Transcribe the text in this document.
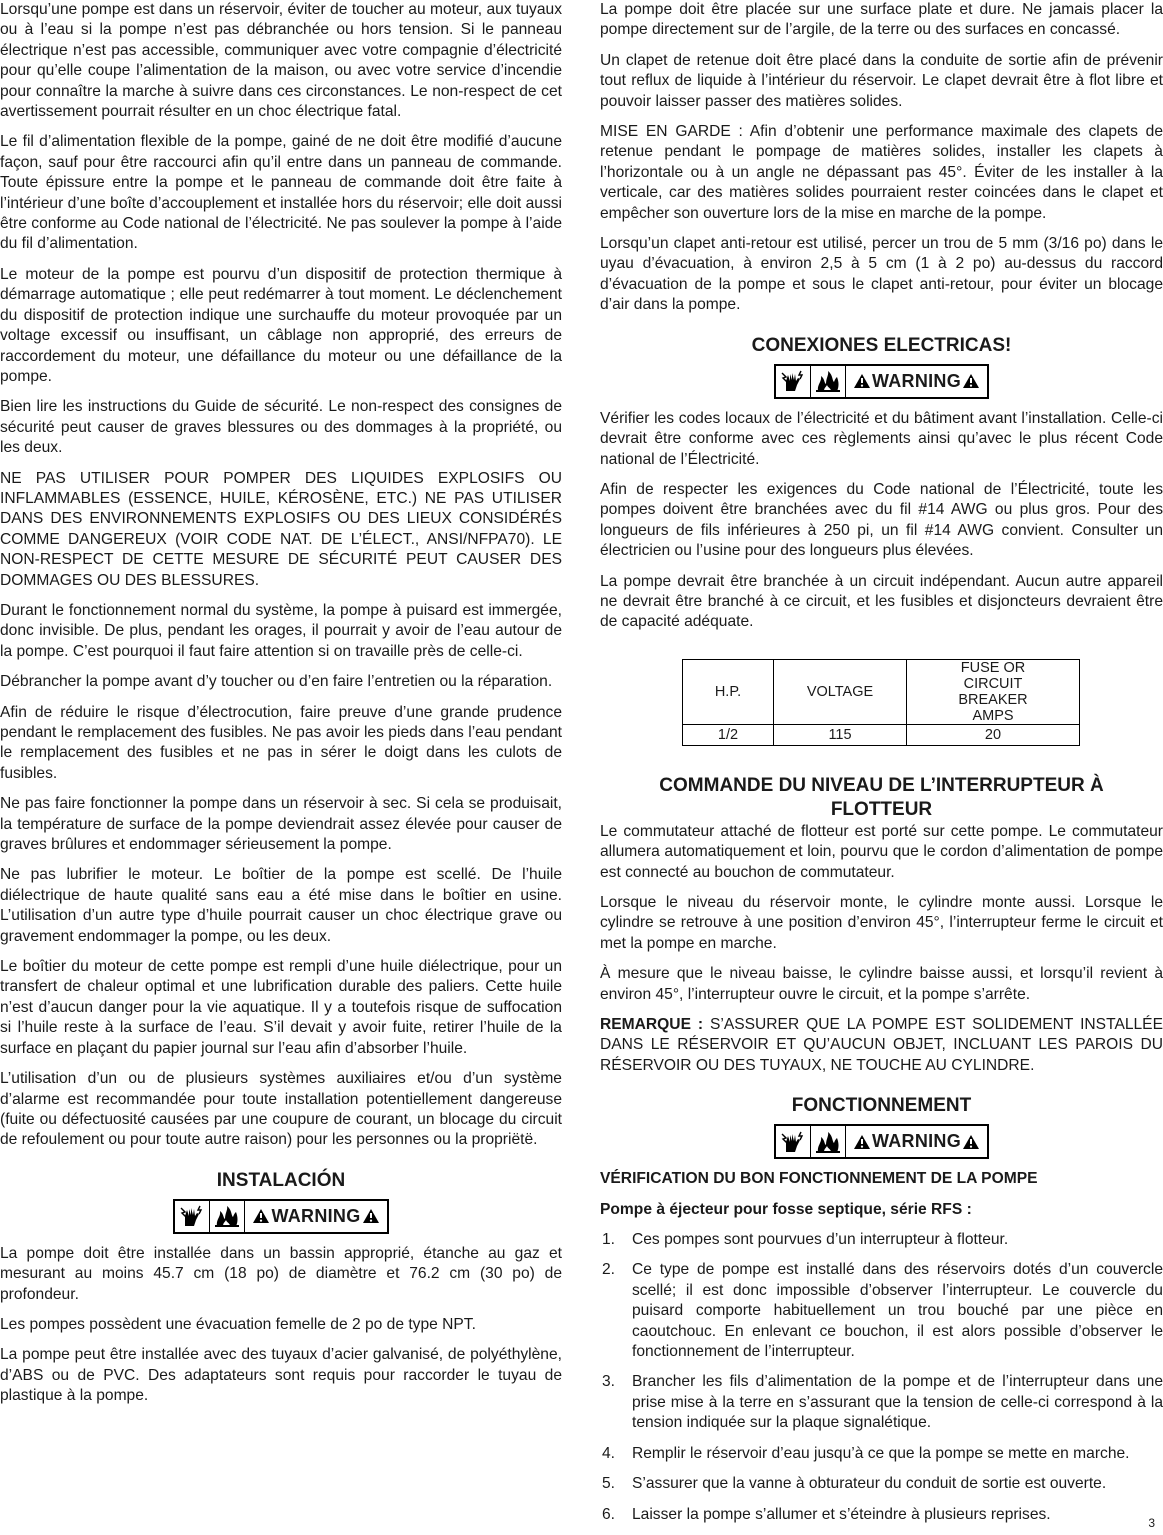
Lorsqu’une pompe est dans un réservoir, éviter de toucher au moteur, aux tuyaux ou à l’eau si la pompe n’est pas débranchée ou hors tension. Si le panneau électrique n’est pas accessible, communiquer avec votre compagnie d’électricité pour qu’elle coupe l’alimentation de la maison, ou avec votre service d’incendie pour connaître la marche à suivre dans ces circonstances. Le non-respect de cet avertissement pourrait résulter en un choc électrique fatal.

Le fil d’alimentation flexible de la pompe, gainé de ne doit être modifié d’aucune façon, sauf pour être raccourci afin qu’il entre dans un panneau de commande. Toute épissure entre la pompe et le panneau de commande doit être faite à l’intérieur d’une boîte d’accouplement et installée hors du réservoir; elle doit aussi être conforme au Code national de l’électricité. Ne pas soulever la pompe à l’aide du fil d’alimentation.

Le moteur de la pompe est pourvu d’un dispositif de protection thermique à démarrage automatique ; elle peut redémarrer à tout moment. Le déclenchement du dispositif de protection indique une surchauffe du moteur provoquée par un voltage excessif ou insuffisant, un câblage non approprié, des erreurs de raccordement du moteur, une défaillance du moteur ou une défaillance de la pompe.

Bien lire les instructions du Guide de sécurité. Le non-respect des consignes de sécurité peut causer de graves blessures ou des dommages à la propriété, ou les deux.

NE PAS UTILISER POUR POMPER DES LIQUIDES EXPLOSIFS OU INFLAMMABLES (ESSENCE, HUILE, KÉROSÈNE, ETC.) NE PAS UTILISER DANS DES ENVIRONNEMENTS EXPLOSIFS OU DES LIEUX CONSIDÉRÉS COMME DANGEREUX (VOIR CODE NAT. DE L’ÉLECT., ANSI/NFPA70). LE NON-RESPECT DE CETTE MESURE DE SÉCURITÉ PEUT CAUSER DES DOMMAGES OU DES BLESSURES.

Durant le fonctionnement normal du système, la pompe à puisard est immergée, donc invisible. De plus, pendant les orages, il pourrait y avoir de l’eau autour de la pompe. C’est pourquoi il faut faire attention si on travaille près de celle-ci.

Débrancher la pompe avant d’y toucher ou d’en faire l’entretien ou la réparation.

Afin de réduire le risque d’électrocution, faire preuve d’une grande prudence pendant le remplacement des fusibles. Ne pas avoir les pieds dans l’eau pendant le remplacement des fusibles et ne pas in sérer le doigt dans les culots de fusibles.

Ne pas faire fonctionner la pompe dans un réservoir à sec. Si cela se produisait, la température de surface de la pompe deviendrait assez élevée pour causer de graves brûlures et endommager sérieusement la pompe.

Ne pas lubrifier le moteur. Le boîtier de la pompe est scellé. De l’huile diélectrique de haute qualité sans eau a été mise dans le boîtier en usine. L’utilisation d’un autre type d’huile pourrait causer un choc électrique grave ou gravement endommager la pompe, ou les deux.

Le boîtier du moteur de cette pompe est rempli d’une huile diélectrique, pour un transfert de chaleur optimal et une lubrification durable des paliers. Cette huile n’est d’aucun danger pour la vie aquatique. Il y a toutefois risque de suffocation si l’huile reste à la surface de l’eau. S’il devait y avoir fuite, retirer l’huile de la surface en plaçant du papier journal sur l’eau afin d’absorber l’huile.

L’utilisation d’un ou de plusieurs systèmes auxiliaires et/ou d’un système d’alarme est recommandée pour toute installation potentiellement dangereuse (fuite ou défectuosité causées par une coupure de courant, un blocage du circuit de refoulement ou pour toute autre raison) pour les personnes ou la propriëtë.

INSTALACIÓN
WARNING

La pompe doit être installée dans un bassin approprié, étanche au gaz et mesurant au moins 45.7 cm (18 po) de diamètre et 76.2 cm (30 po) de profondeur.

Les pompes possèdent une évacuation femelle de 2 po de type NPT.

La pompe peut être installée avec des tuyaux d’acier galvanisé, de polyéthylène, d’ABS ou de PVC. Des adaptateurs sont requis pour raccorder le tuyau de plastique à la pompe.

La pompe doit être placée sur une surface plate et dure. Ne jamais placer la pompe directement sur de l’argile, de la terre ou des surfaces en concassé.

Un clapet de retenue doit être placé dans la conduite de sortie afin de prévenir tout reflux de liquide à l’intérieur du réservoir. Le clapet devrait être à flot libre et pouvoir laisser passer des matières solides.

MISE EN GARDE : Afin d’obtenir une performance maximale des clapets de retenue pendant le pompage de matières solides, installer les clapets à l’horizontale ou à un angle ne dépassant pas 45°. Éviter de les installer à la verticale, car des matières solides pourraient rester coincées dans le clapet et empêcher son ouverture lors de la mise en marche de la pompe.

Lorsqu’un clapet anti-retour est utilisé, percer un trou de 5 mm (3/16 po) dans le uyau d’évacuation, à environ 2,5 à 5 cm (1 à 2 po) au-dessus du raccord d’évacuation de la pompe et sous le clapet anti-retour, pour éviter un blocage d’air dans la pompe.

CONEXIONES ELECTRICAS!
WARNING

Vérifier les codes locaux de l’électricité et du bâtiment avant l’installation. Celle-ci devrait être conforme avec ces règlements ainsi qu’avec le plus récent Code national de l’Électricité.

Afin de respecter les exigences du Code national de l’Électricité, toute les pompes doivent être branchées avec du fil #14 AWG ou plus gros. Pour des longueurs de fils inférieures à 250 pi, un fil #14 AWG convient. Consulter un électricien ou l’usine pour des longueurs plus élevées.

La pompe devrait être branchée à un circuit indépendant. Aucun autre appareil ne devrait être branché à ce circuit, et les fusibles et disjoncteurs devraient être de capacité adéquate.

H.P.	VOLTAGE	FUSE OR CIRCUIT BREAKER AMPS
1/2	115	20
COMMANDE DU NIVEAU DE L’INTERRUPTEUR À FLOTTEUR

Le commutateur attaché de flotteur est porté sur cette pompe. Le commutateur allumera automatiquement et loin, pourvu que le cordon d’alimentation de pompe est connecté au bouchon de commutateur.

Lorsque le niveau du réservoir monte, le cylindre monte aussi. Lorsque le cylindre se retrouve à une position d’environ 45°, l’interrupteur ferme le circuit et met la pompe en marche.

À mesure que le niveau baisse, le cylindre baisse aussi, et lorsqu’il revient à environ 45°, l’interrupteur ouvre le circuit, et la pompe s’arrête.

REMARQUE : S’ASSURER QUE LA POMPE EST SOLIDEMENT INSTALLÉE DANS LE RÉSERVOIR ET QU’AUCUN OBJET, INCLUANT LES PAROIS DU RÉSERVOIR OU DES TUYAUX, NE TOUCHE AU CYLINDRE.

FONCTIONNEMENT
WARNING
VÉRIFICATION DU BON FONCTIONNEMENT DE LA POMPE
Pompe à éjecteur pour fosse septique, série RFS :
1.	Ces pompes sont pourvues d’un interrupteur à flotteur.
2.	Ce type de pompe est installé dans des réservoirs dotés d’un couvercle scellé; il est donc impossible d’observer l’interrupteur. Le couvercle du puisard comporte habituellement un trou bouché par une pièce en caoutchouc. En enlevant ce bouchon, il est alors possible d’observer le fonctionnement de l’interrupteur.
3.	Brancher les fils d’alimentation de la pompe et de l’interrupteur dans une prise mise à la terre en s’assurant que la tension de celle-ci correspond à la tension indiquée sur la plaque signalétique.
4.	Remplir le réservoir d’eau jusqu’à ce que la pompe se mette en marche.
5.	S’assurer que la vanne à obturateur du conduit de sortie est ouverte.
6.	Laisser la pompe s’allumer et s’éteindre à plusieurs reprises.
3
